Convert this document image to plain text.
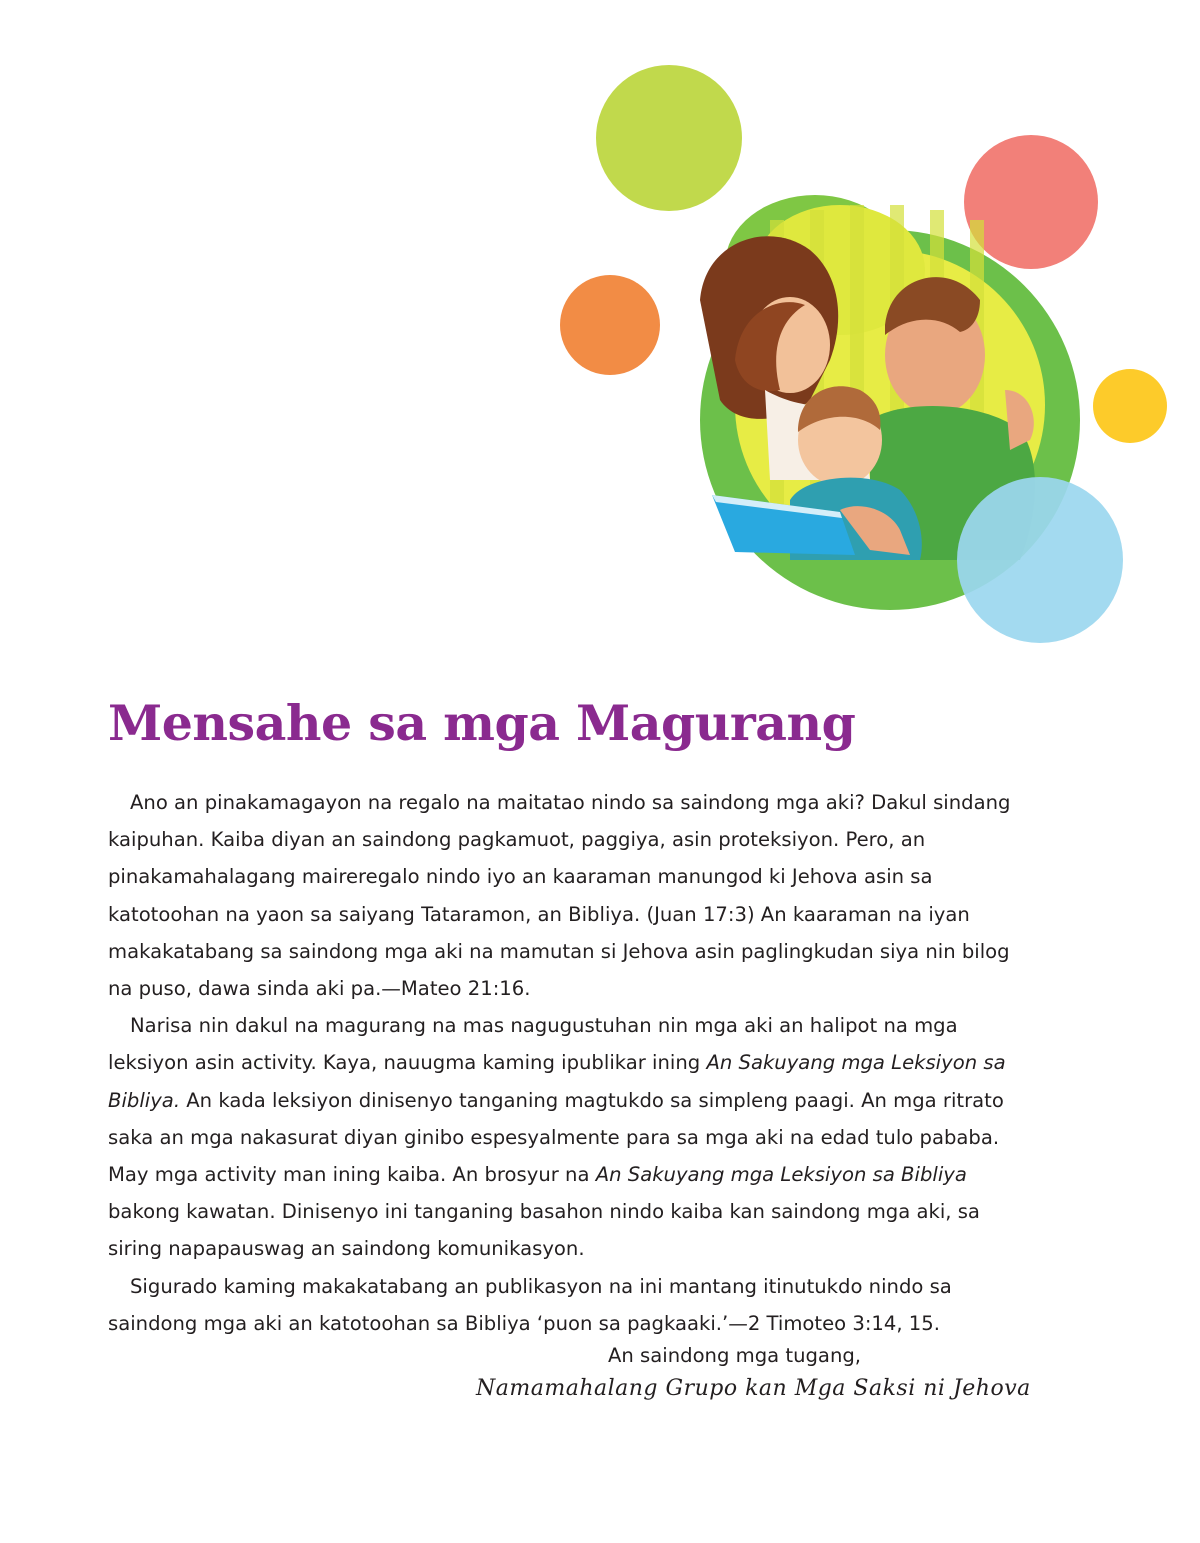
Mensahe sa mga Magurang

Ano an pinakamagayon na regalo na maitatao nindo sa saindong mga aki? Dakul sindang kaipuhan. Kaiba diyan an saindong pagkamuot, paggiya, asin proteksiyon. Pero, an pinakamahalagang maireregalo nindo iyo an kaaraman manungod ki Jehova asin sa katotoohan na yaon sa saiyang Tataramon, an Bibliya. (Juan 17:3) An kaaraman na iyan makakatabang sa saindong mga aki na mamutan si Jehova asin paglingkudan siya nin bilog na puso, dawa sinda aki pa.—Mateo 21:16.

Narisa nin dakul na magurang na mas nagugustuhan nin mga aki an halipot na mga leksiyon asin activity. Kaya, nauugma kaming ipublikar ining An Sakuyang mga Leksiyon sa Bibliya. An kada leksiyon dinisenyo tanganing magtukdo sa simpleng paagi. An mga ritrato saka an mga nakasurat diyan ginibo espesyalmente para sa mga aki na edad tulo pababa. May mga activity man ining kaiba. An brosyur na An Sakuyang mga Leksiyon sa Bibliya bakong kawatan. Dinisenyo ini tanganing basahon nindo kaiba kan saindong mga aki, sa siring napapauswag an saindong komunikasyon.

Sigurado kaming makakatabang an publikasyon na ini mantang itinutukdo nindo sa saindong mga aki an katotoohan sa Bibliya ‘puon sa pagkaaki.’—2 Timoteo 3:14, 15.

An saindong mga tugang,

Namamahalang Grupo kan Mga Saksi ni Jehova
